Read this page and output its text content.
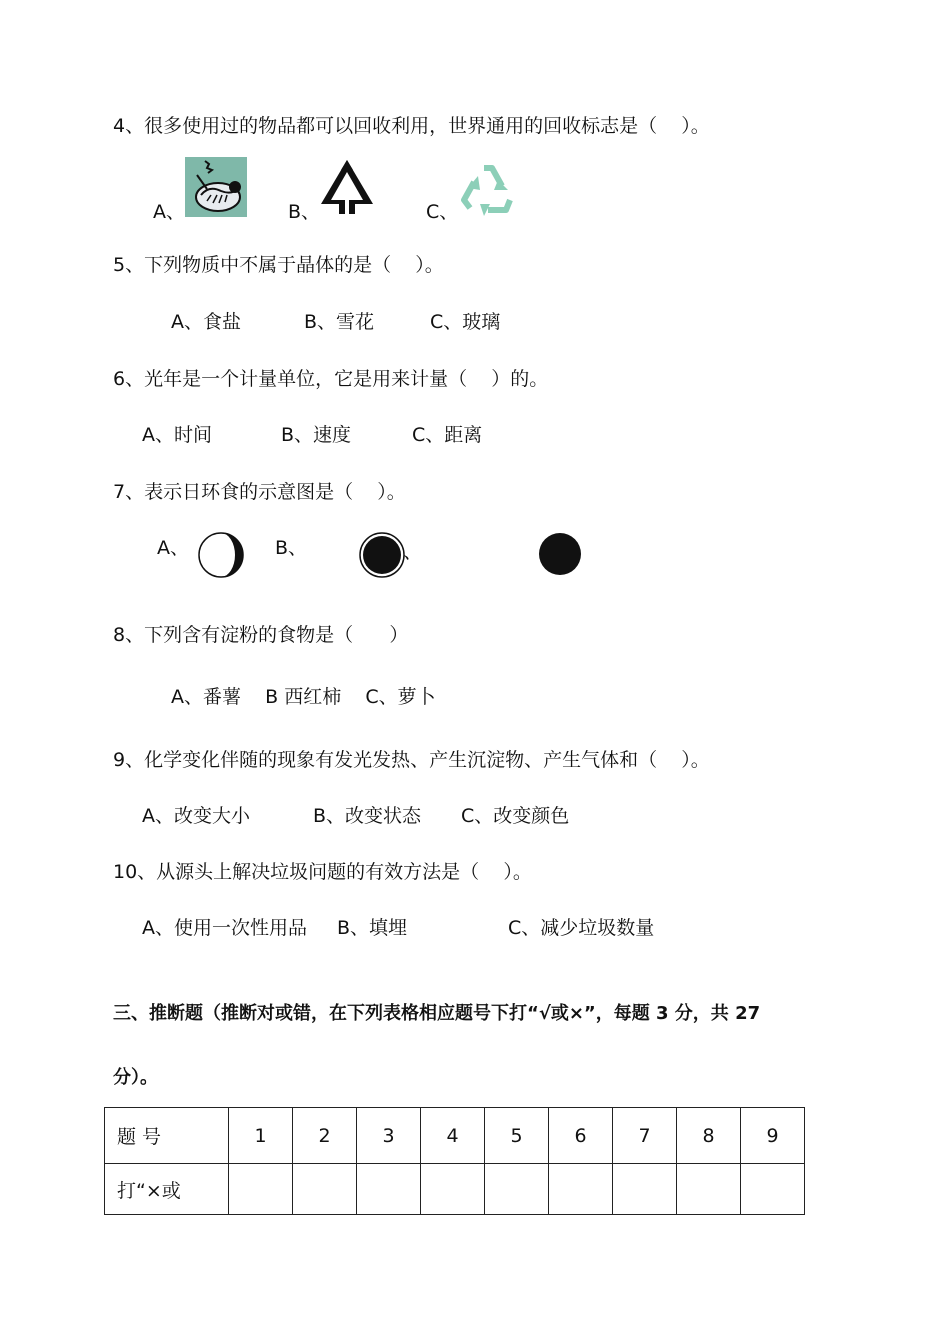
4、很多使用过的物品都可以回收利用，世界通用的回收标志是（    ）。
A、	B、	C、
5、下列物质中不属于晶体的是（    ）。
A、食盐	B、雪花	C、玻璃
6、光年是一个计量单位，它是用来计量（    ）的。
A、时间	B、速度	C、距离
7、表示日环食的示意图是（    ）。
A、	B、	、
8、下列含有淀粉的食物是（      ）
A、番薯    B 西红柿    C、萝卜
9、化学变化伴随的现象有发光发热、产生沉淀物、产生气体和（    ）。
A、改变大小	B、改变状态 C、改变颜色
10、从源头上解决垃圾问题的有效方法是（    ）。
A、使用一次性用品 B、填埋	C、减少垃圾数量
三、推断题（推断对或错，在下列表格相应题号下打“√或×”，每题 3 分，共 27
分）。
题 号	1	2	3	4	5	6	7	8	9
打“×或									
